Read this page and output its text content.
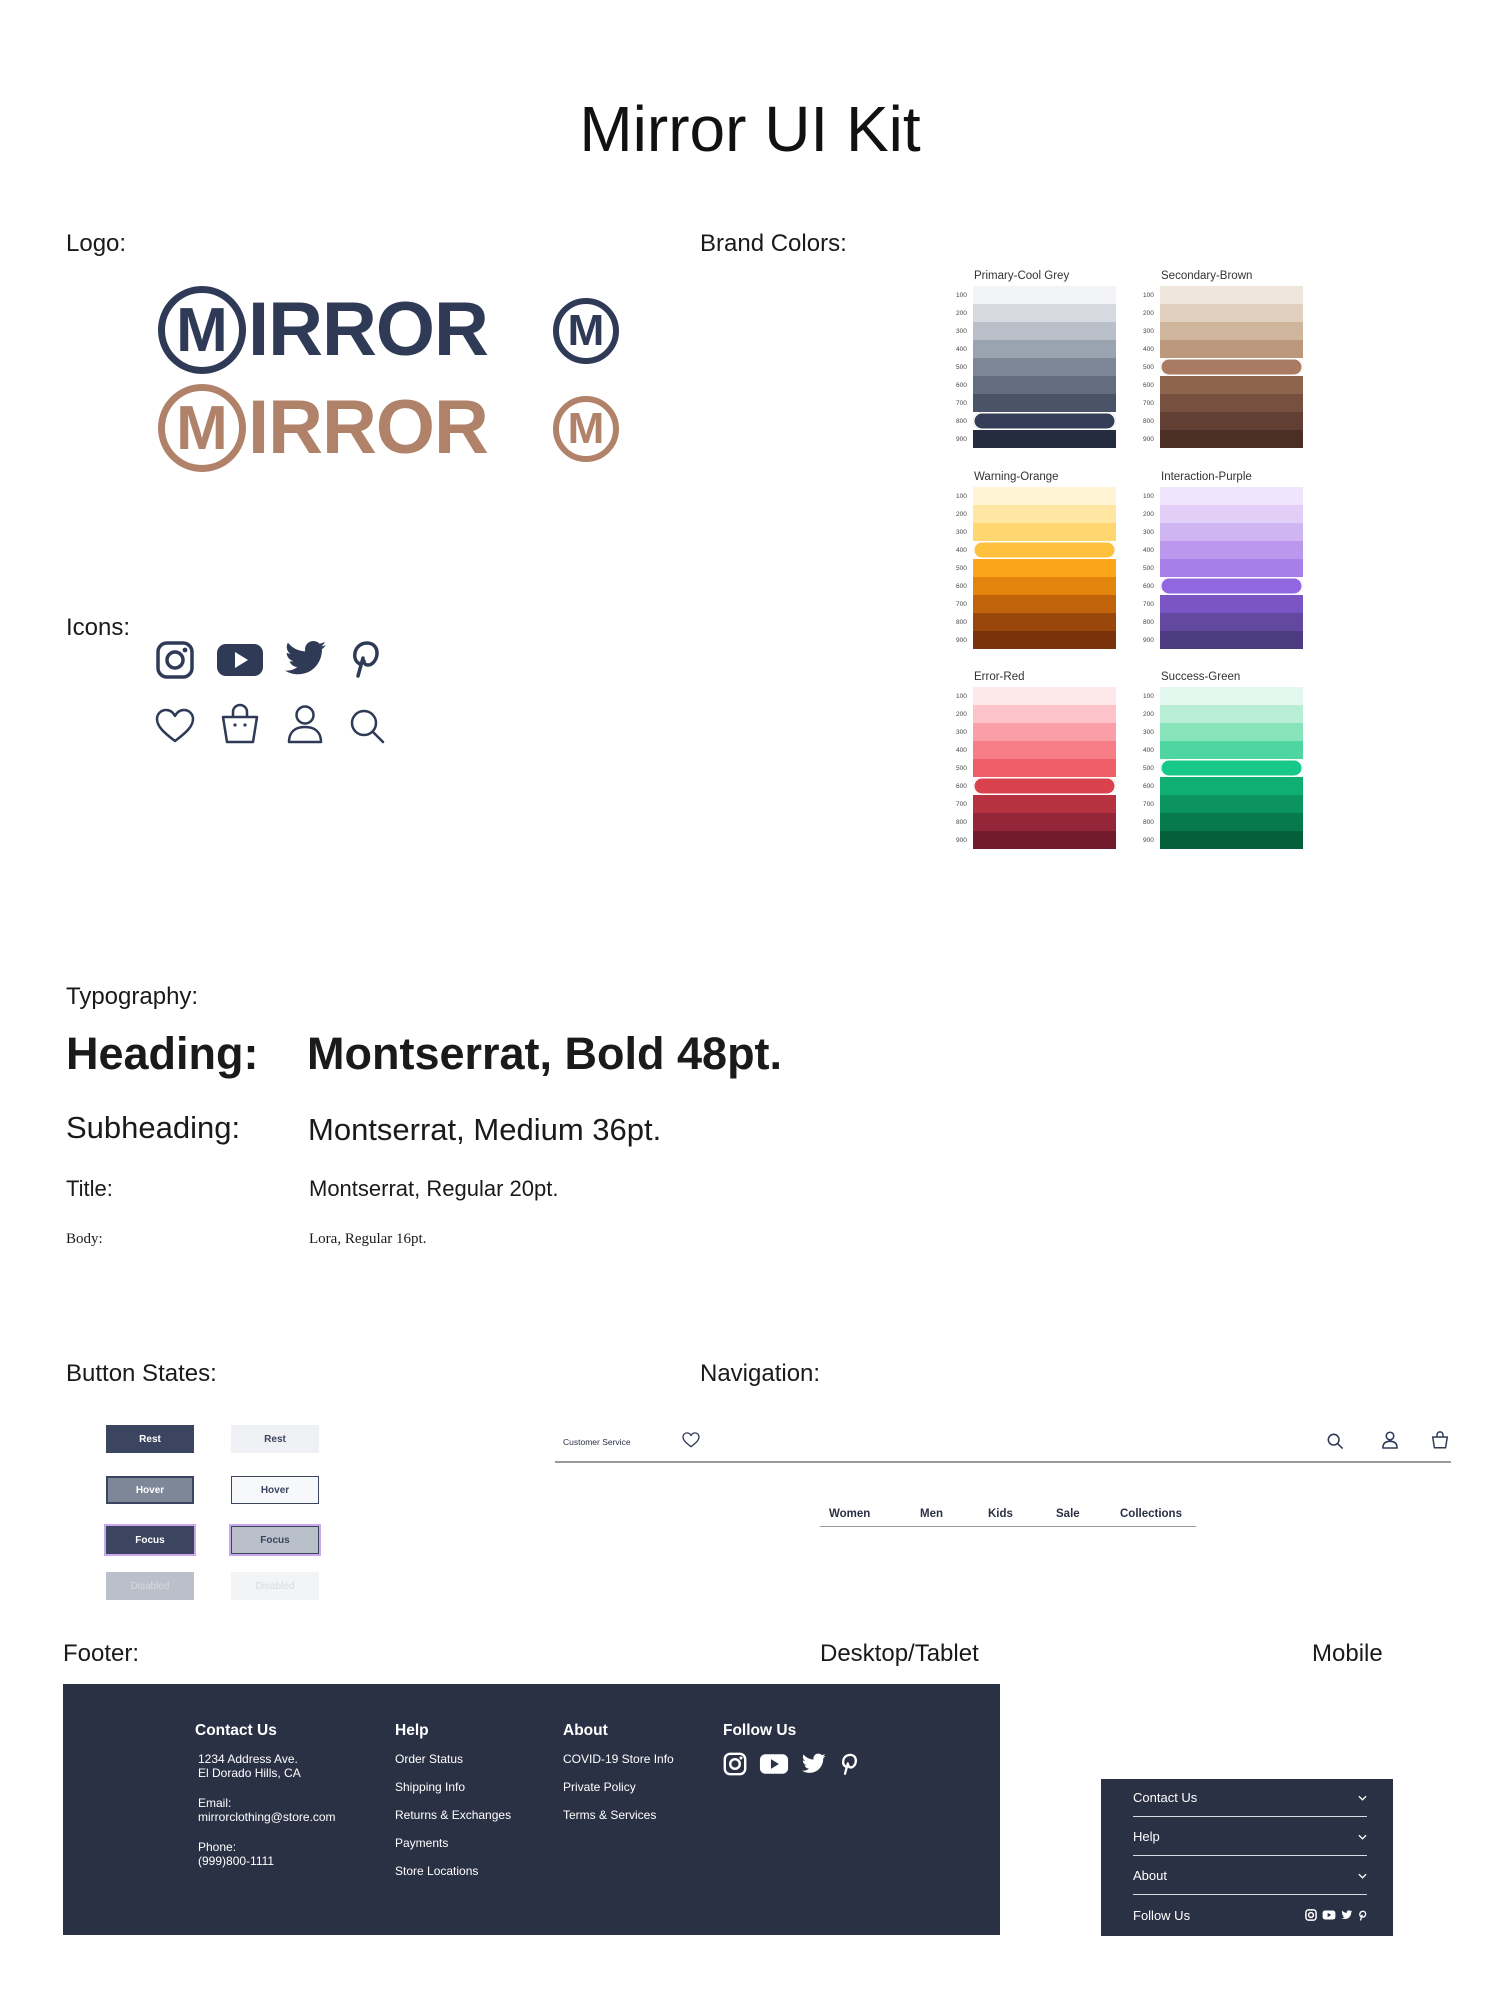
Mirror UI Kit
Logo:	Brand Colors:
Icons:
Typography:
Button States:	Navigation:
Footer:	Desktop/Tablet	Mobile
M IRROR
M IRROR
M
M
Primary-Cool Grey
100
200
300
400
500
600
700
800
900
Secondary-Brown
100
200
300
400
500
600
700
800
900
Warning-Orange
100
200
300
400
500
600
700
800
900
Interaction-Purple
100
200
300
400
500
600
700
800
900
Error-Red
100
200
300
400
500
600
700
800
900
Success-Green
100
200
300
400
500
600
700
800
900
Heading: Montserrat, Bold 48pt.
Subheading: Montserrat, Medium 36pt.
Title:	Montserrat, Regular 20pt.
Body:	Lora, Regular 16pt.
Rest
Hover
Focus
Disabled
Rest
Hover
Focus
Disabled
Customer Service
Women	Men	Kids	Sale	Collections
Contact Us
1234 Address Ave.
El Dorado Hills, CA
Email:
mirrorclothing@store.com
Phone:
(999)800-1111
Help
Order Status
Shipping Info
Returns & Exchanges
Payments
Store Locations
About
COVID-19 Store Info
Private Policy
Terms & Services
Follow Us
Contact Us
Help
About
Follow Us
